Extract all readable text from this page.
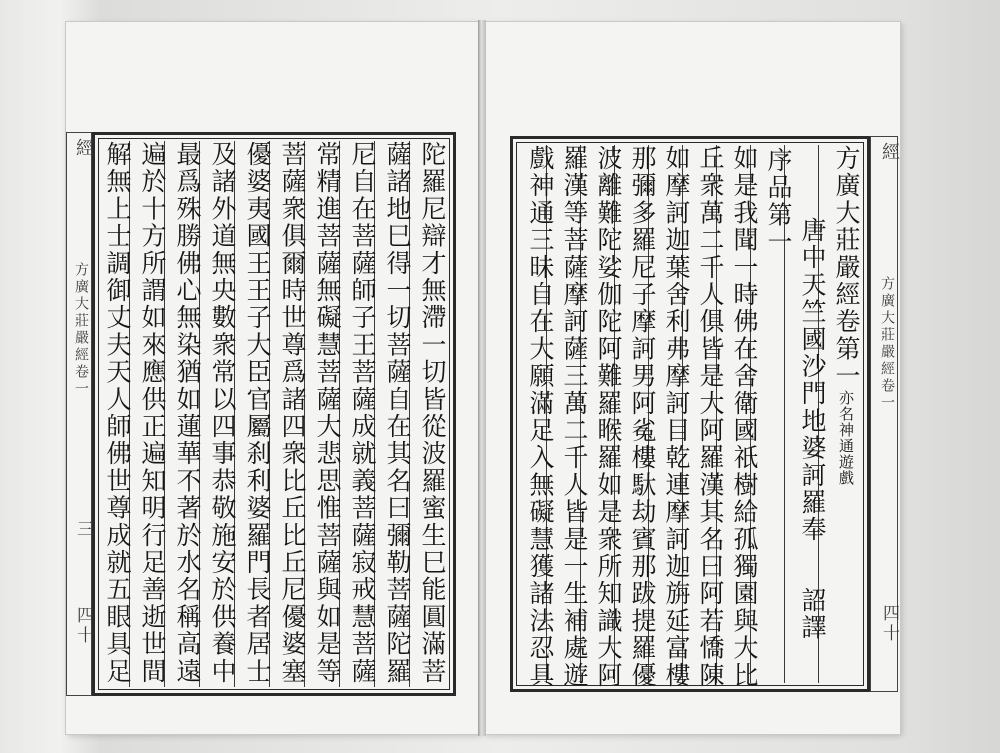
陀羅尼辯才無滯一切皆從波羅蜜生巳能圓滿菩
薩諸地巳得一切菩薩自在其名曰彌勒菩薩陀羅
尼自在菩薩師子王菩薩成就義菩薩寂戒慧菩薩
常精進菩薩無礙慧菩薩大悲思惟菩薩與如是等
菩薩衆俱爾時世尊爲諸四衆比丘比丘尼優婆塞
優婆夷國王王子大臣官屬刹利婆羅門長者居士
及諸外道無央數衆常以四事恭敬施安於供養中
最爲殊勝佛心無染猶如蓮華不著於水名稱高遠
遍於十方所謂如來應供正遍知明行足善逝世間
解無上士調御丈夫天人師佛世尊成就五眼具足
經
方廣大莊嚴經卷一
三
四十
方廣大莊嚴經卷第一亦名神通遊戲
唐中天竺國沙門地婆訶羅奉
詔譯
序品第一
如是我聞一時佛在舍衛國祇樹給孤獨園與大比
丘衆萬二千人俱皆是大阿羅漢其名曰阿若憍陳
如摩訶迦葉舍利弗摩訶目乾連摩訶迦旃延富樓
那彌多羅尼子摩訶男阿㝹樓馱劫賓那跋提羅優
波離難陀娑伽陀阿難羅睺羅如是衆所知識大阿
羅漢等菩薩摩訶薩三萬二千人皆是一生補處遊
戲神通三昧自在大願滿足入無礙慧獲諸法忍具	經
方廣大莊嚴經卷一
四十
